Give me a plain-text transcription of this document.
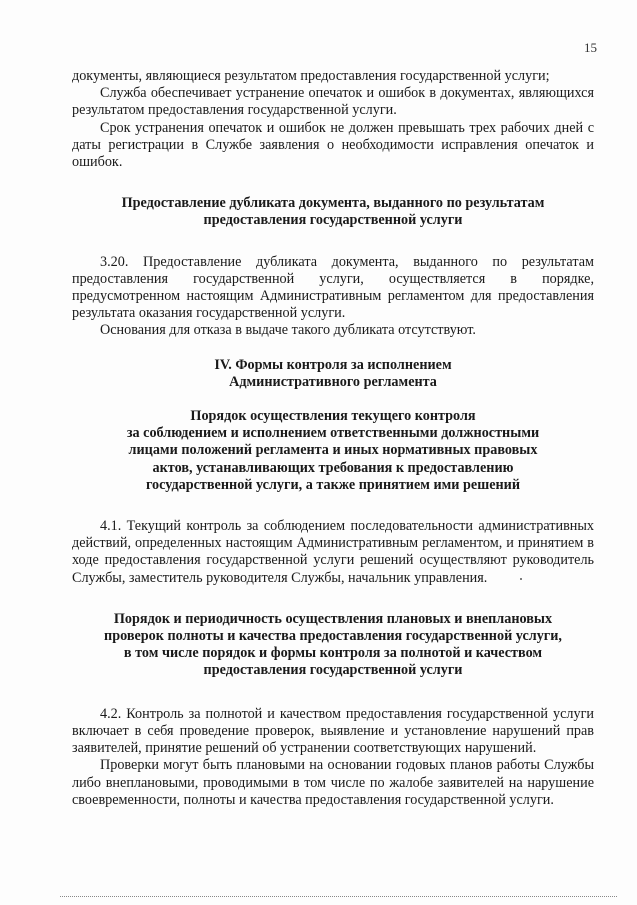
15

документы, являющиеся результатом предоставления государственной услуги;

Служба обеспечивает устранение опечаток и ошибок в документах, являющихся результатом предоставления государственной услуги.

Срок устранения опечаток и ошибок не должен превышать трех рабочих дней с даты регистрации в Службе заявления о необходимости исправления опечаток и ошибок.

Предоставление дубликата документа, выданного по результатам

предоставления государственной услуги

3.20. Предоставление дубликата документа, выданного по результатам предоставления государственной услуги, осуществляется в порядке, предусмотренном настоящим Административным регламентом для предоставления результата оказания государственной услуги.

Основания для отказа в выдаче такого дубликата отсутствуют.

IV. Формы контроля за исполнением

Административного регламента

Порядок осуществления текущего контроля

за соблюдением и исполнением ответственными должностными

лицами положений регламента и иных нормативных правовых

актов, устанавливающих требования к предоставлению

государственной услуги, а также принятием ими решений

4.1. Текущий контроль за соблюдением последовательности административных действий, определенных настоящим Административным регламентом, и принятием в ходе предоставления государственной услуги решений осуществляют руководитель Службы, заместитель руководителя Службы, начальник управления.

Порядок и периодичность осуществления плановых и внеплановых

проверок полноты и качества предоставления государственной услуги,

в том числе порядок и формы контроля за полнотой и качеством

предоставления государственной услуги

4.2. Контроль за полнотой и качеством предоставления государственной услуги включает в себя проведение проверок, выявление и установление нарушений прав заявителей, принятие решений об устранении соответствующих нарушений.

Проверки могут быть плановыми на основании годовых планов работы Службы либо внеплановыми, проводимыми в том числе по жалобе заявителей на нарушение своевременности, полноты и качества предоставления государственной услуги.
